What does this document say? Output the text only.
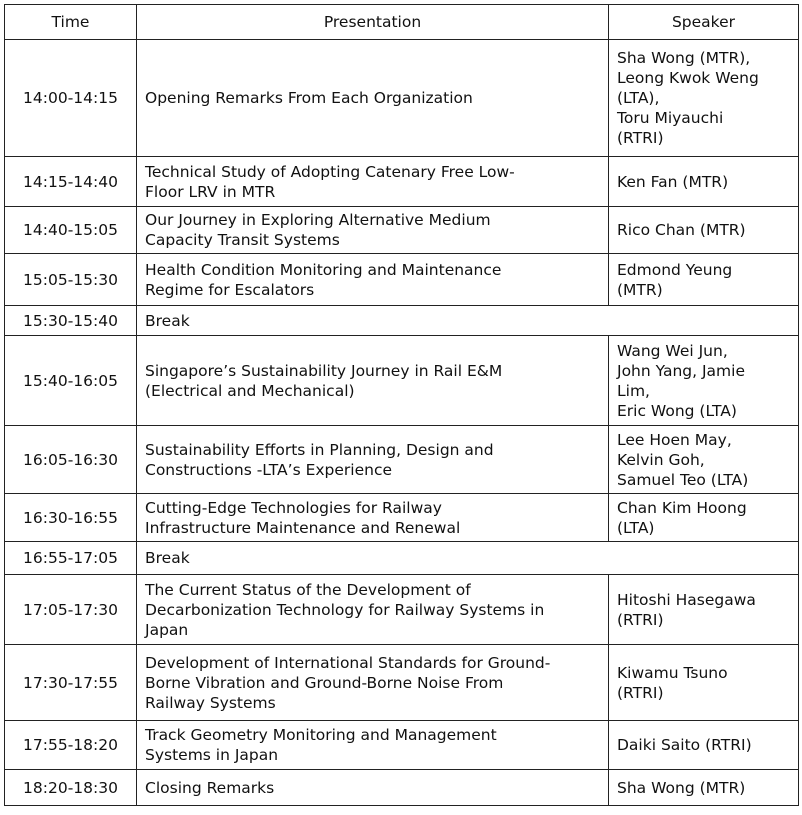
Time	Presentation	Speaker
14:00-14:15	Opening Remarks From Each Organization	Sha Wong (MTR),
Leong Kwok Weng
(LTA),
Toru Miyauchi
(RTRI)
14:15-14:40	Technical Study of Adopting Catenary Free Low-
Floor LRV in MTR	Ken Fan (MTR)
14:40-15:05	Our Journey in Exploring Alternative Medium
Capacity Transit Systems	Rico Chan (MTR)
15:05-15:30	Health Condition Monitoring and Maintenance
Regime for Escalators	Edmond Yeung
(MTR)
15:30-15:40	Break	
15:40-16:05	Singapore’s Sustainability Journey in Rail E&M
(Electrical and Mechanical)	Wang Wei Jun,
John Yang, Jamie
Lim,
Eric Wong (LTA)
16:05-16:30	Sustainability Efforts in Planning, Design and
Constructions -LTA’s Experience	Lee Hoen May,
Kelvin Goh,
Samuel Teo (LTA)
16:30-16:55	Cutting-Edge Technologies for Railway
Infrastructure Maintenance and Renewal	Chan Kim Hoong
(LTA)
16:55-17:05	Break	
17:05-17:30	The Current Status of the Development of
Decarbonization Technology for Railway Systems in
Japan	Hitoshi Hasegawa
(RTRI)
17:30-17:55	Development of International Standards for Ground-
Borne Vibration and Ground-Borne Noise From
Railway Systems	Kiwamu Tsuno
(RTRI)
17:55-18:20	Track Geometry Monitoring and Management
Systems in Japan	Daiki Saito (RTRI)
18:20-18:30	Closing Remarks	Sha Wong (MTR)
